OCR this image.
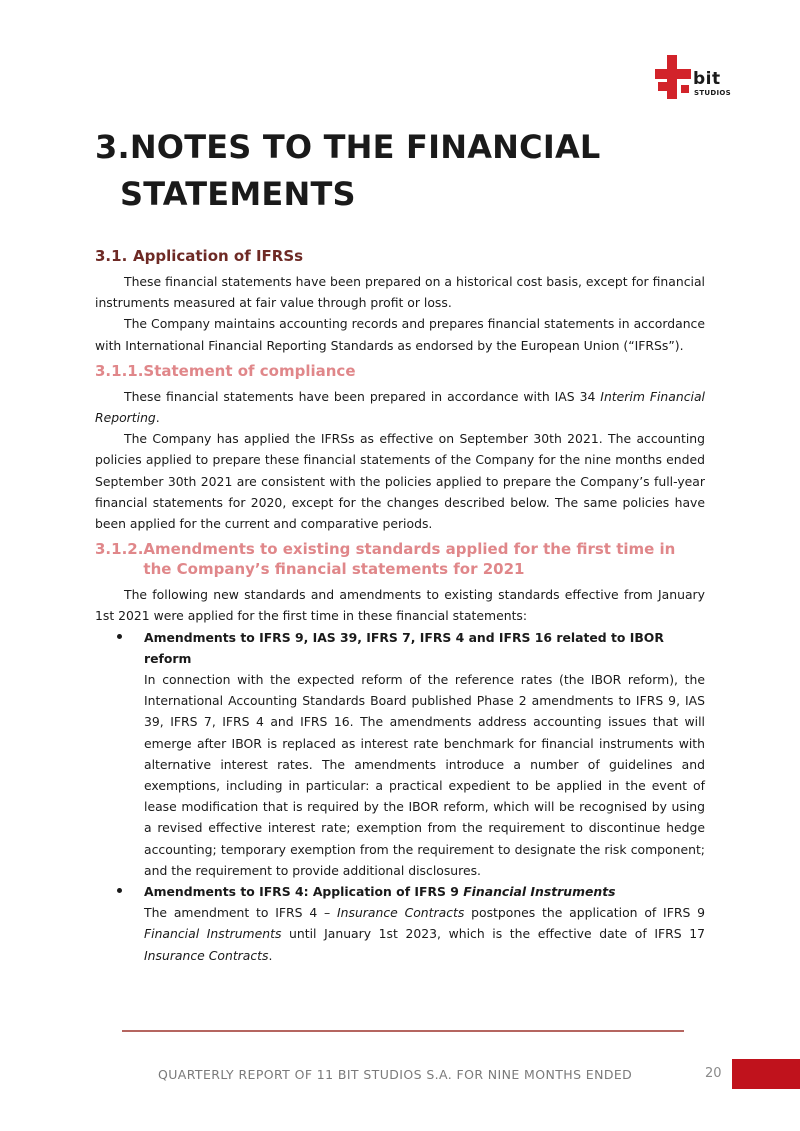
bit
STUDIOS
3.NOTES TO THE FINANCIAL
STATEMENTS
3.1. Application of IFRSs

These financial statements have been prepared on a historical cost basis, except for financial instruments measured at fair value through profit or loss.

The Company maintains accounting records and prepares financial statements in accordance with International Financial Reporting Standards as endorsed by the European Union (“IFRSs”).

3.1.1. Statement of compliance

These financial statements have been prepared in accordance with IAS 34 Interim Financial Reporting.

The Company has applied the IFRSs as effective on September 30th 2021. The accounting policies applied to prepare these financial statements of the Company for the nine months ended September 30th 2021 are consistent with the policies applied to prepare the Company’s full-year financial statements for 2020, except for the changes described below. The same policies have been applied for the current and comparative periods.

3.1.2. Amendments to existing standards applied for the first time in the Company’s financial statements for 2021

The following new standards and amendments to existing standards effective from January 1st 2021 were applied for the first time in these financial statements:

Amendments to IFRS 9, IAS 39, IFRS 7, IFRS 4 and IFRS 16 related to IBOR reform
In connection with the expected reform of the reference rates (the IBOR reform), the International Accounting Standards Board published Phase 2 amendments to IFRS 9, IAS 39, IFRS 7, IFRS 4 and IFRS 16. The amendments address accounting issues that will emerge after IBOR is replaced as interest rate benchmark for financial instruments with alternative interest rates. The amendments introduce a number of guidelines and exemptions, including in particular: a practical expedient to be applied in the event of lease modification that is required by the IBOR reform, which will be recognised by using a revised effective interest rate; exemption from the requirement to discontinue hedge accounting; temporary exemption from the requirement to designate the risk component; and the requirement to provide additional disclosures.
Amendments to IFRS 4: Application of IFRS 9 Financial Instruments
The amendment to IFRS 4 – Insurance Contracts postpones the application of IFRS 9 Financial Instruments until January 1st 2023, which is the effective date of IFRS 17 Insurance Contracts.
QUARTERLY REPORT OF 11 BIT STUDIOS S.A. FOR NINE MONTHS ENDED	20
